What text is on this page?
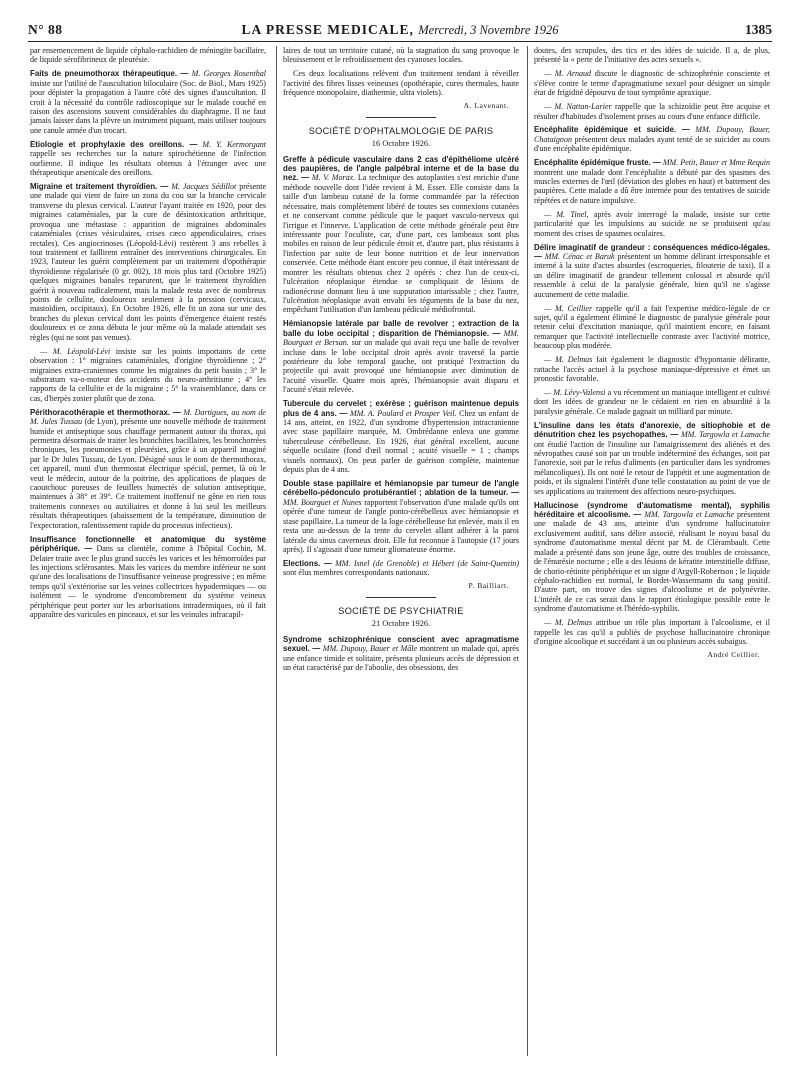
N° 88	LA PRESSE MEDICALE, Mercredi, 3 Novembre 1926	1385

par ensemencement de liquide céphalo-rachidien de méningite bacillaire, de liquide sérofibrineux de pleurésie.

Faits de pneumothorax thérapeutique. — M. Georges Rosenthal insiste sur l'utilité de l'auscultation biloculaire (Soc. de Biol., Mars 1925) pour dépister la propagation à l'autre côté des signes d'auscultation. Il croit à la nécessité du contrôle radioscopique sur le malade couché en raison des ascensions souvent considérables du diaphragme. Il ne faut jamais laisser dans la plèvre un instrument piquant, mais utiliser toujours une canule armée d'un trocart.

Etiologie et prophylaxie des oreillons. — M. Y. Kermorgant rappelle ses recherches sur la nature spirochétienne de l'infection ourlienne. Il indique les résultats obtenus à l'étranger avec une thérapeutique arsenicale des oreillons.

Migraine et traitement thyroïdien. — M. Jacques Sédillot présente une malade qui vient de faire un zona du cou sur la branche cervicale transverse du plexus cervical. L'auteur l'ayant traitée en 1920, pour des migraines cataméniales, par la cure de désintoxication arthritique, provoqua une métastase : apparition de migraines abdominales cataméniales (crises vésiculaires, crises cæco appendiculaires, crises rectales). Ces angiocrinoses (Léopold-Lévi) restèrent 3 ans rebelles à tout traitement et faillirent entraîner des interventions chirurgicales. En 1923, l'auteur les guérit complètement par un traitement d'opothérapie thyroïdienne régularisée (0 gr. 002), 18 mois plus tard (Octobre 1925) quelques migraines banales reparurent, que le traitement thyroïdien guérit à nouveau radicalement, mais la malade resta avec de nombreux points de cellulite, douloureux seulement à la pression (cervicaux, mastoïdien, occipitaux). En Octobre 1926, elle fit un zona sur une des branches du plexus cervical dont les points d'émergence étaient restés douloureux et ce zona débuta le jour même où la malade attendait ses règles (qui ne sont pas venues).

— M. Léopold-Lévi insiste sur les points importants de cette observation : 1° migraines cataméniales, d'origine thyroïdienne ; 2° migraines extra-craniennes comme les migraines du petit bassin ; 3° le substratum va-o-moteur des accidents du neuro-arthritisme ; 4° les rapports de la cellulite et de la migraine ; 5° la vraisemblance, dans ce cas, d'herpès zoster plutôt que de zona.

Périthoracothérapie et thermothorax. — M. Dartigues, au nom de M. Jules Tussau (de Lyon), présente une nouvelle méthode de traitement humide et antiseptique sous chauffage permanent autour du thorax, qui permettra désormais de traiter les bronchites bacillaires, les bronchorrées chroniques, les pneumonies et pleurésies, grâce à un appareil imaginé par le Dr Jules Tussau, de Lyon. Désigné sous le nom de thermothorax, cet appareil, muni d'un thermostat électrique spécial, permet, là où le veut le médecin, autour de la poitrine, des applications de plaques de caoutchouc poreuses de feuillets humectés de solution antiseptique, maintenues à 38° et 39°. Ce traitement inoffensif ne gêne en rien tous traitements connexes ou auxiliaires et donne à lui seul les meilleurs résultats thérapeutiques (abaissement de la température, diminution de l'expectoration, ralentissement rapide du processus infectieux).

Insuffisance fonctionnelle et anatomique du système périphérique. — Dans sa clientèle, comme à l'hôpital Cochin, M. Delater traite avec le plus grand succès les varices et les hémorroïdes par les injections sclérosantes. Mais les varices du membre inférieur ne sont qu'une des localisations de l'insuffisance veineuse progressive ; en même temps qu'il s'extériorise sur les veines collectrices hypodermiques — ou isolément — le syndrome d'encombrement du système veineux périphérique peut porter sur les arborisations intradermiques, où il fait apparaître des varicules en pinceaux, et sur les veinules infracapil-

laires de tout un territoire cutané, où la stagnation du sang provoque le bleuissement et le refroidissement des cyanoses locales.

Ces deux localisations relèvent d'un traitement tendant à réveiller l'activité des fibres lisses veineuses (opothérapie, cures thermales, haute fréquence monopolaire, diathermie, ultra violets).

A. Lavenant.
SOCIÉTÉ D'OPHTALMOLOGIE DE PARIS
16 Octobre 1926.

Greffe à pédicule vasculaire dans 2 cas d'épithéliome ulcéré des paupières, de l'angle palpébral interne et de la base du nez. — M. V. Morax. La technique des autoplasties s'est enrichie d'une méthode nouvelle dont l'idée revient à M. Esser. Elle consiste dans la taille d'un lambeau cutané de la forme commandée par la réfection nécessaire, mais complètement libéré de toutes ses connexions cutanées et ne conservant comme pédicule que le paquet vasculo-nerveux qui l'irrigue et l'innerve. L'application de cette méthode générale peut être intéressante pour l'oculiste, car, d'une part, ces lambeaux sont plus mobiles en raison de leur pédicule étroit et, d'autre part, plus résistants à l'infection par suite de leur bonne nutrition et de leur innervation conservée. Cette méthode étant encore peu connue, il était intéressant de montrer les résultats obtenus chez 2 opérés : chez l'un de ceux-ci, l'ulcération néoplasique étendue se compliquait de lésions de radionécrose donnant lieu à une suppuration intarissable ; chez l'autre, l'ulcération néoplasique avait envahi les téguments de la base du nez, empêchant l'utilisation d'un lambeau pédiculé médiofrontal.

Hémianopsie latérale par balle de revolver ; extraction de la balle du lobe occipital ; disparition de l'hémianopsie. — MM. Bourguet et Bersan. sur un malade qui avait reçu une balle de revolver incluse dans le lobe occipital droit après avoir traversé la partie postérieure du lobe temporal gauche, ont pratiqué l'extraction du projectile qui avait provoqué une hémianopsie avec diminution de l'acuité visuelle. Quatre mois après, l'hémianopsie avait disparu et l'acuité s'était relevée.

Tubercule du cervelet ; exérèse ; guérison maintenue depuis plus de 4 ans. — MM. A. Poulard et Prosper Veil. Chez un enfant de 14 ans, atteint, en 1922, d'un syndrome d'hypertension intracranienne avec stase papillaire marquée, M. Ombrédanne enleva une gomme tuberculeuse cérébelleuse. En 1926, état général excellent, aucune séquelle oculaire (fond d'œil normal ; acuité visuelle = 1 ; champs visuels normaux). On peut parler de guérison complète, maintenue depuis plus de 4 ans.

Double stase papillaire et hémianopsie par tumeur de l'angle cérébello-pédonculo protubérantiel ; ablation de la tumeur. — MM. Bourguet et Nunes rapportent l'observation d'une malade qu'ils ont opérée d'une tumeur de l'angle ponto-cérébelleux avec hémianopsie et stase papillaire. La tumeur de la loge cérébelleuse fut enlevée, mais il en resta une au-dessus de la tente du cervelet allant adhérer à la paroi latérale du sinus caverneux droit. Elle fut reconnue à l'autopsie (17 jours après). Il s'agissait d'une tumeur gliomateuse énorme.

Elections. — MM. Isnel (de Grenoble) et Hébert (de Saint-Quentin) sont élus membres correspondants nationaux.

P. Bailliart.
SOCIÉTÉ DE PSYCHIATRIE
21 Octobre 1926.

Syndrome schizophrénique conscient avec apragmatisme sexuel. — MM. Dupouy, Bauer et Mâle montrent un malade qui, après une enfance timide et solitaire, présenta plusieurs accès de dépression et un état caractérisé par de l'aboulie, des obsessions, des

doutes, des scrupules, des tics et des idées de suicide. Il a, de plus, présenté la « perte de l'initiative des actes sexuels ».

— M. Arnaud discute le diagnostic de schizophrénie consciente et s'élève contre le terme d'apragmatisme sexuel pour désigner un simple état de frigidité dépourvu de tout symptôme apraxique.

— M. Nattan-Larier rappelle que la schizoïdie peut être acquise et résulter d'habitudes d'isolement prises au cours d'une enfance difficile.

Encéphalite épidémique et suicide. — MM. Dupouy, Bauer, Chataignon présentent deux malades ayant tenté de se suicider au cours d'une encéphalite épidémique.

Encéphalite épidémique fruste. — MM. Petit, Bauer et Mme Requin montrent une malade dont l'encéphalite a débuté par des spasmes des muscles externes de l'œil (déviation des globes en haut) et battement des paupières. Cette malade a dû être internée pour des tentatives de suicide répétées et de nature impulsive.

— M. Tinel, après avoir interrogé la malade, insiste sur cette particularité que les impulsions au suicide ne se produisent qu'au moment des crises de spasmes oculaires.

Délire imaginatif de grandeur : conséquences médico-légales. — MM. Cénac et Baruk présentent un homme délirant irresponsable et interné à la suite d'actes absurdes (escroqueries, filouterie de taxi). Il a un délire imaginatif de grandeur tellement colossal et absurde qu'il ressemble à celui de la paralysie générale, bien qu'il ne s'agisse aucunement de cette maladie.

— M. Ceillier rappelle qu'il a fait l'expertise médico-légale de ce sujet, qu'il a également éliminé le diagnostic de paralysie générale pour retenir celui d'excitation maniaque, qu'il maintient encore, en faisant remarquer que l'activité intellectuelle contraste avec l'activité motrice, beaucoup plus modérée.

— M. Delmas fait également le diagnostic d'hypomanie délirante, rattache l'accès actuel à la psychose maniaque-dépressive et émet un pronostic favorable.

— M. Lévy-Valensi a vu récemment un maniaque intelligent et cultivé dont les idées de grandeur ne le cédaient en rien en absurdité à la paralysie générale. Ce malade gagnait un milliard par minute.

L'insuline dans les états d'anorexie, de sitiophobie et de dénutrition chez les psychopathes. — MM. Targowla et Lamache ont étudié l'action de l'insuline sur l'amaigrissement des aliénés et des névropathes causé soit par un trouble indéterminé des échanges, soit par l'anorexie, soit par le refus d'aliments (en particulier dans les syndromes mélancoliques). Ils ont noté le retour de l'appétit et une augmentation de poids, et ils signalent l'intérêt d'une telle constatation au point de vue de ses applications au traitement des affections neuro-psychiques.

Hallucinose (syndrome d'automatisme mental), syphilis héréditaire et alcoolisme. — MM. Targowla et Lamache présentent une malade de 43 ans, atteinte d'un syndrome hallucinatoire exclusivement auditif, sans délire associé, réalisant le noyau basal du syndrome d'automatisme mental décrit par M. de Clérambault. Cette malade a présenté dans son jeune âge, outre des troubles de croissance, de l'énurésie nocturne ; elle a des lésions de kératite interstitielle diffuse, de chorio-rétinite périphérique et un signe d'Argyll-Robertson ; le liquide céphalo-rachidien est normal, le Bordet-Wassermann du sang positif. D'autre part, on trouve des signes d'alcoolisme et de polynévrite. L'intérêt de ce cas serait dans le rapport étiologique possible entre le syndrome d'automatisme et l'hérédo-syphilis.

— M. Delmas attribue un rôle plus important à l'alcoolisme, et il rappelle les cas qu'il a publiés de psychose hallucinatoire chronique d'origine alcoolique et succédant à un ou plusieurs accès subaigus.

André Ceillier.
